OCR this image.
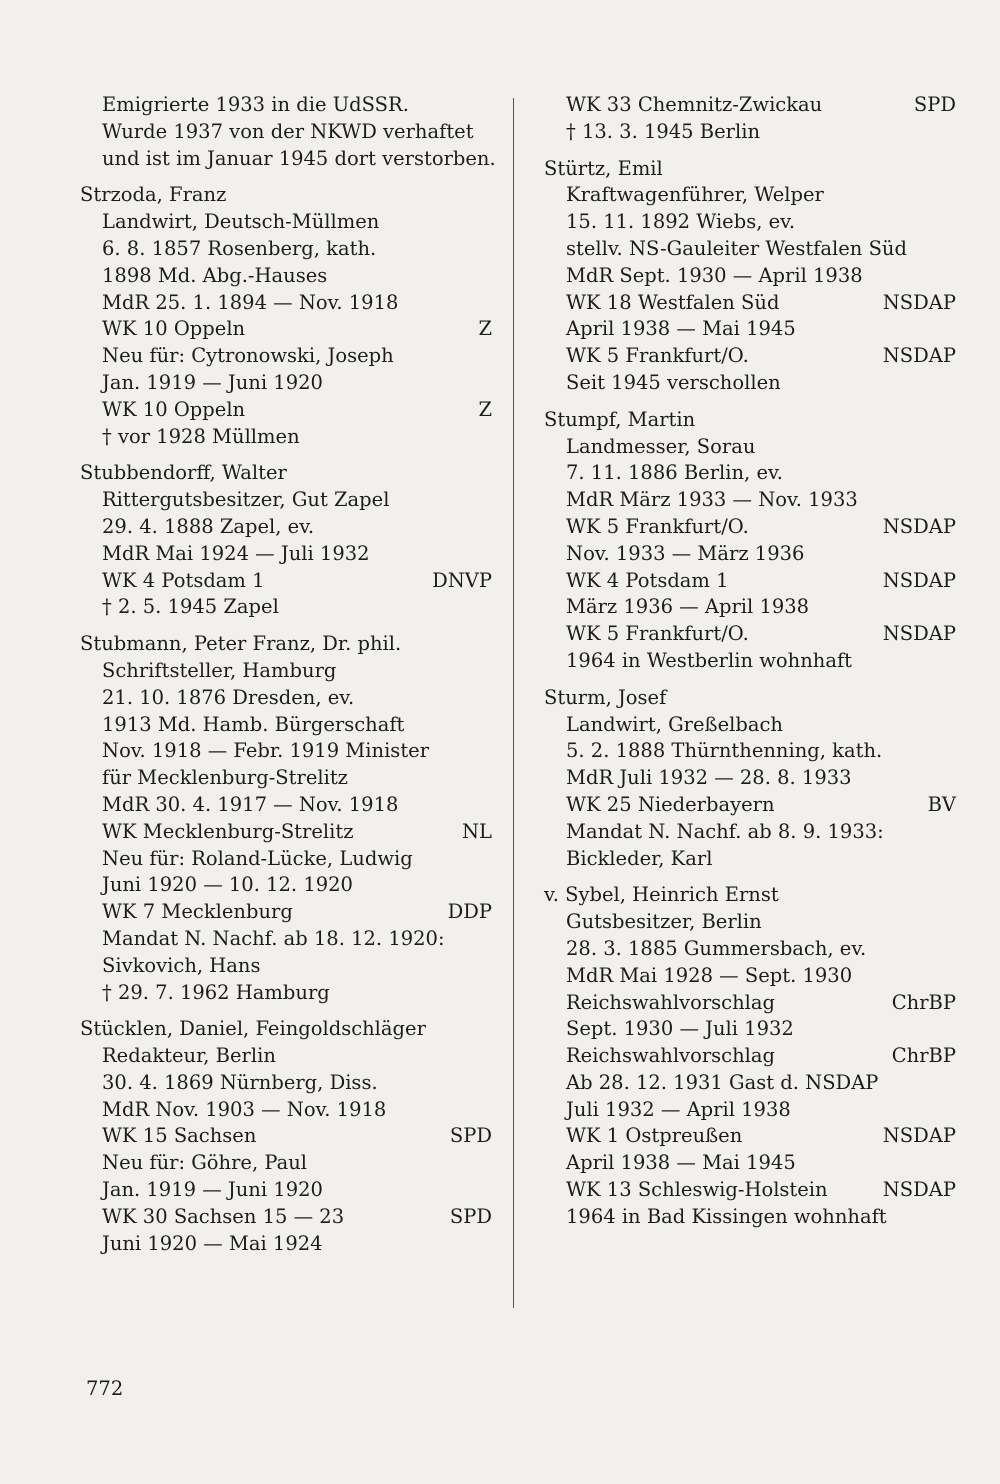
Emigrierte 1933 in die UdSSR.
Wurde 1937 von der NKWD verhaftet
und ist im Januar 1945 dort verstorben.
Strzoda, Franz
Landwirt, Deutsch-Müllmen
6. 8. 1857 Rosenberg, kath.
1898 Md. Abg.-Hauses
MdR 25. 1. 1894 — Nov. 1918
WK 10 Oppeln	Z
Neu für: Cytronowski, Joseph
Jan. 1919 — Juni 1920
WK 10 Oppeln	Z
† vor 1928 Müllmen
Stubbendorff, Walter
Rittergutsbesitzer, Gut Zapel
29. 4. 1888 Zapel, ev.
MdR Mai 1924 — Juli 1932
WK 4 Potsdam 1	DNVP
† 2. 5. 1945 Zapel
Stubmann, Peter Franz, Dr. phil.
Schriftsteller, Hamburg
21. 10. 1876 Dresden, ev.
1913 Md. Hamb. Bürgerschaft
Nov. 1918 — Febr. 1919 Minister
für Mecklenburg-Strelitz
MdR 30. 4. 1917 — Nov. 1918
WK Mecklenburg-Strelitz	NL
Neu für: Roland-Lücke, Ludwig
Juni 1920 — 10. 12. 1920
WK 7 Mecklenburg	DDP
Mandat N. Nachf. ab 18. 12. 1920:
Sivkovich, Hans
† 29. 7. 1962 Hamburg
Stücklen, Daniel, Feingoldschläger
Redakteur, Berlin
30. 4. 1869 Nürnberg, Diss.
MdR Nov. 1903 — Nov. 1918
WK 15 Sachsen	SPD
Neu für: Göhre, Paul
Jan. 1919 — Juni 1920
WK 30 Sachsen 15 — 23	SPD
Juni 1920 — Mai 1924
WK 33 Chemnitz-Zwickau	SPD
† 13. 3. 1945 Berlin
Stürtz, Emil
Kraftwagenführer, Welper
15. 11. 1892 Wiebs, ev.
stellv. NS-Gauleiter Westfalen Süd
MdR Sept. 1930 — April 1938
WK 18 Westfalen Süd	NSDAP
April 1938 — Mai 1945
WK 5 Frankfurt/O.	NSDAP
Seit 1945 verschollen
Stumpf, Martin
Landmesser, Sorau
7. 11. 1886 Berlin, ev.
MdR März 1933 — Nov. 1933
WK 5 Frankfurt/O.	NSDAP
Nov. 1933 — März 1936
WK 4 Potsdam 1	NSDAP
März 1936 — April 1938
WK 5 Frankfurt/O.	NSDAP
1964 in Westberlin wohnhaft
Sturm, Josef
Landwirt, Greßelbach
5. 2. 1888 Thürnthenning, kath.
MdR Juli 1932 — 28. 8. 1933
WK 25 Niederbayern	BV
Mandat N. Nachf. ab 8. 9. 1933:
Bickleder, Karl
v. Sybel, Heinrich Ernst
Gutsbesitzer, Berlin
28. 3. 1885 Gummersbach, ev.
MdR Mai 1928 — Sept. 1930
Reichswahlvorschlag	ChrBP
Sept. 1930 — Juli 1932
Reichswahlvorschlag	ChrBP
Ab 28. 12. 1931 Gast d. NSDAP
Juli 1932 — April 1938
WK 1 Ostpreußen	NSDAP
April 1938 — Mai 1945
WK 13 Schleswig-Holstein	NSDAP
1964 in Bad Kissingen wohnhaft
772
